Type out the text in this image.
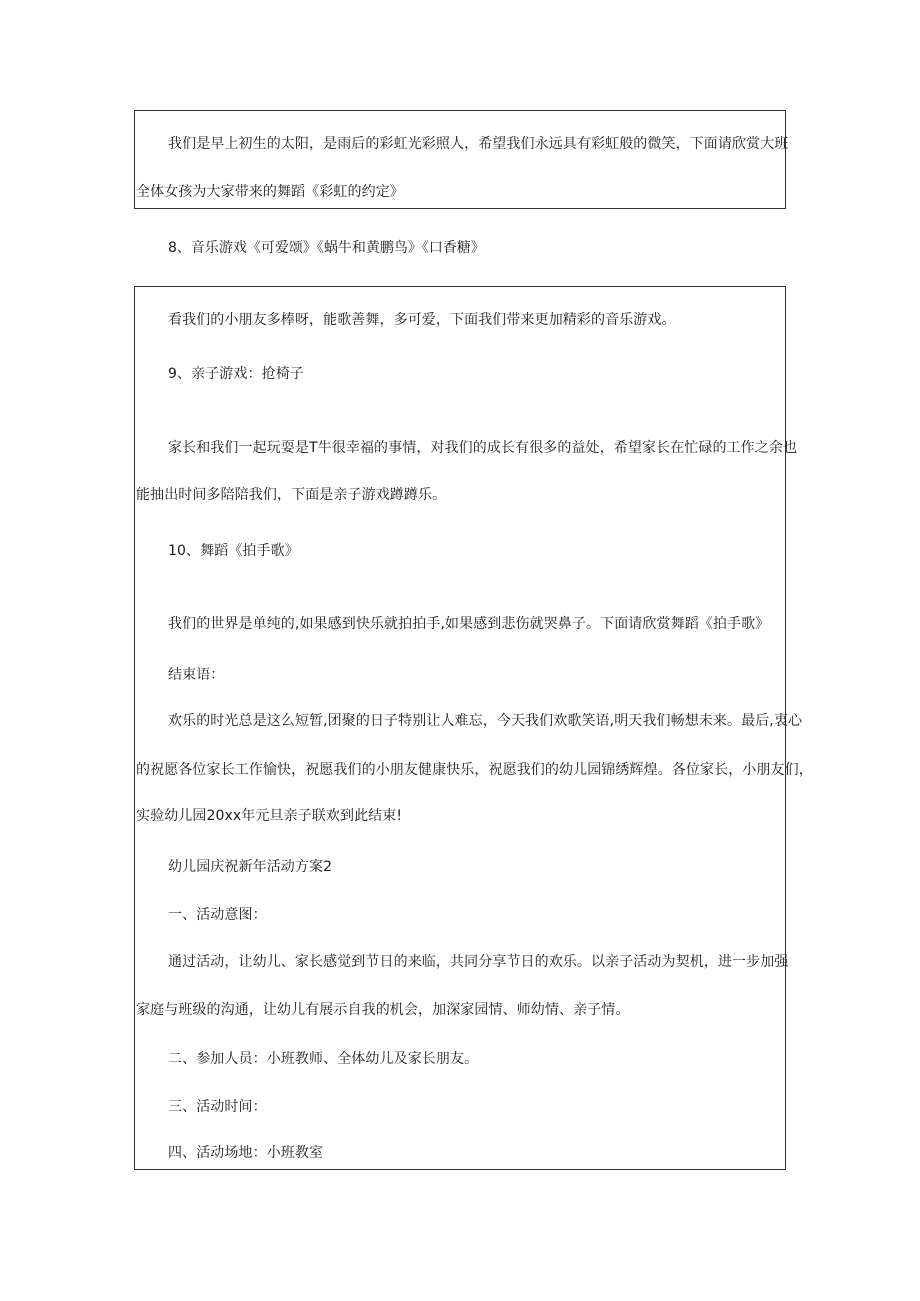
我们是早上初生的太阳，是雨后的彩虹光彩照人，希望我们永远具有彩虹般的微笑，下面请欣赏大班
全体女孩为大家带来的舞蹈《彩虹的约定》
8、音乐游戏《可爱颂》《蜗牛和黄鹏鸟》《口香糖》
看我们的小朋友多棒呀，能歌善舞，多可爱，下面我们带来更加精彩的音乐游戏。
9、亲子游戏：抢椅子
家长和我们一起玩耍是T牛很幸福的事情，对我们的成长有很多的益处，希望家长在忙碌的工作之余也
能抽出时间多陪陪我们，下面是亲子游戏蹲蹲乐。
10、舞蹈《拍手歌》
我们的世界是单纯的,如果感到快乐就拍拍手,如果感到悲伤就哭鼻子。下面请欣赏舞蹈《拍手歌》
结束语：
欢乐的时光总是这么短暂,团聚的日子特别让人难忘，今天我们欢歌笑语,明天我们畅想未来。最后,衷心
的祝愿各位家长工作愉快，祝愿我们的小朋友健康快乐，祝愿我们的幼儿园锦绣辉煌。各位家长，小朋友们，
实验幼儿园20xx年元旦亲子联欢到此结束!
幼儿园庆祝新年活动方案2
一、活动意图：
通过活动，让幼儿、家长感觉到节日的来临，共同分享节日的欢乐。以亲子活动为契机，进一步加强
家庭与班级的沟通，让幼儿有展示自我的机会，加深家园情、师幼情、亲子情。
二、参加人员：小班教师、全体幼儿及家长朋友。
三、活动时间：
四、活动场地：小班教室
